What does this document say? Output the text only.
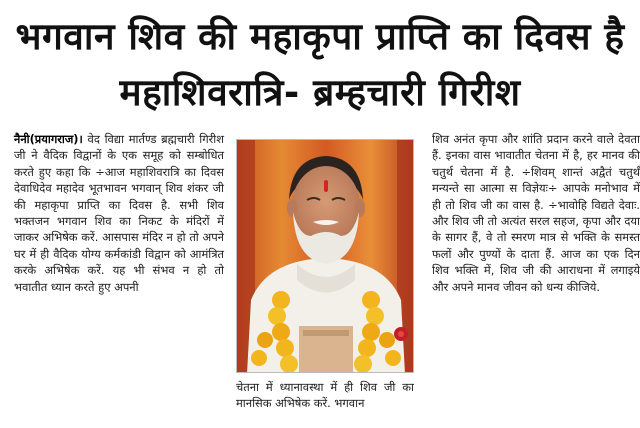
भगवान शिव की महाकृपा प्राप्ति का दिवस है
महाशिवरात्रि- ब्रम्हचारी गिरीश
नैनी(प्रयागराज)। वेद विद्या मार्तण्ड ब्रह्मचारी गिरीश जी ने वैदिक विद्वानों के एक समूह को सम्बोधित करते हुए कहा कि ÷आज महाशिवरात्रि का दिवस देवाधिदेव महादेव भूतभावन भगवान् शिव शंकर जी की महाकृपा प्राप्ति का दिवस है. सभी शिव भक्तजन भगवान शिव का निकट के मंदिरों में जाकर अभिषेक करें. आसपास मंदिर न हो तो अपने घर में ही वैदिक योग्य कर्मकांडी विद्वान को आमंत्रित करके अभिषेक करें. यह भी संभव न हो तो भवातीत ध्यान करते हुए अपनी
चेतना में ध्यानावस्था में ही शिव जी का मानसिक अभिषेक करें. भगवान
शिव अनंत कृपा और शांति प्रदान करने वाले देवता हैं. इनका वास भावातीत चेतना में है, हर मानव की चतुर्थ चेतना में है. ÷शिवम् शान्तं अद्वैतं चतुर्थं मन्यन्ते सा आत्मा स विज्ञेयः÷ आपके मनोभाव में ही तो शिव जी का वास है. ÷भावोहि विद्यते देवाः. और शिव जी तो अत्यंत सरल सहज, कृपा और दया के सागर हैं, वे तो स्मरण मात्र से भक्ति के समस्त फलों और पुण्यों के दाता हैं. आज का एक दिन शिव भक्ति में, शिव जी की आराधना में लगाइये और अपने मानव जीवन को धन्य कीजिये.
